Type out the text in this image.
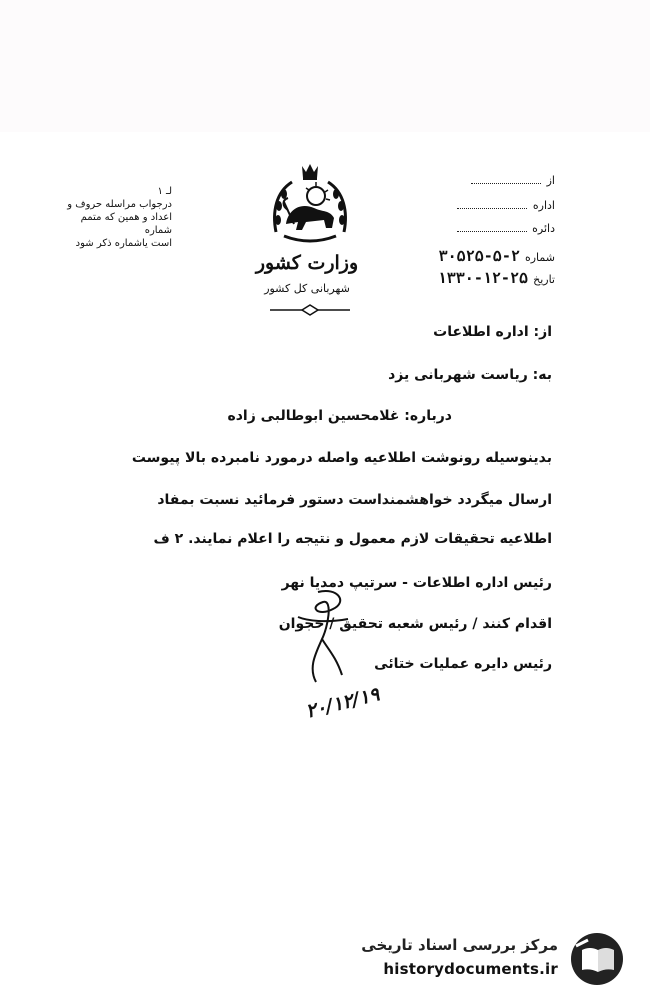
لـ ۱
درجواب مراسله حروف و
اعداد و همین که متمم شماره
است یاشماره ذکر شود
وزارت کشور
شهربانی کل کشور
از
اداره
دائره
شماره ۲-۵-۳۰۵۲۵
تاریخ ۲۵-۱۲-۱۳۳۰
از: اداره اطلاعات
به: ریاست شهربانی یزد
درباره: غلامحسین ابوطالبی زاده
بدینوسیله رونوشت اطلاعیه واصله درمورد نامبرده بالا پیوست
ارسال میگردد خواهشمنداست دستور فرمائید نسبت بمفاد
اطلاعیه تحقیقات لازم معمول و نتیجه را اعلام نمایند. ۲ ف
رئیس اداره اطلاعات - سرتیپ دمدیا نهر
اقدام کنند / رئیس شعبه تحقیق / خجوان
رئیس دایره عملیات ختائی
۲۰/۱۲/۱۹
مرکز بررسی اسناد تاریخی
historydocuments.ir
